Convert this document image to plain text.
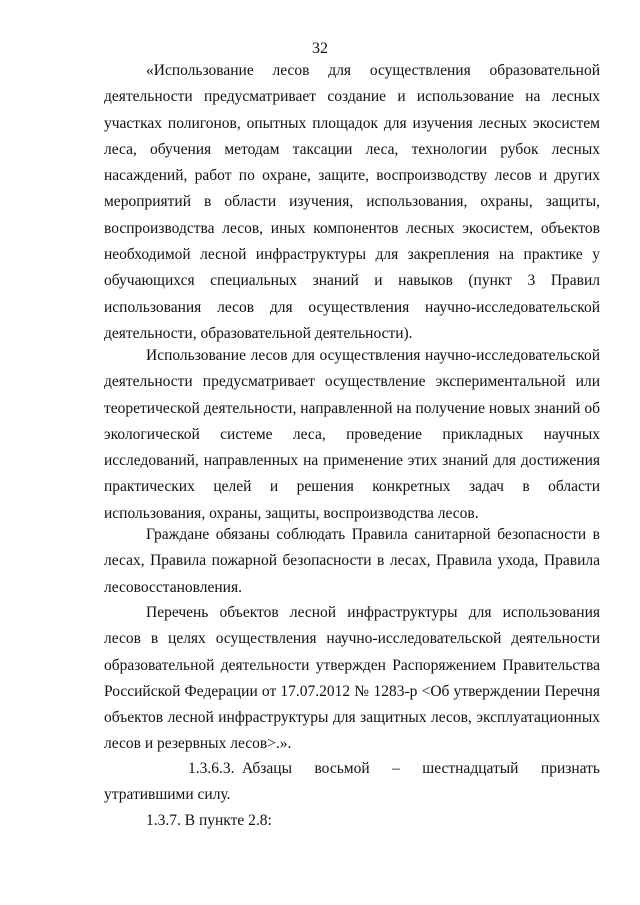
32

«Использование лесов для осуществления образовательной деятельности предусматривает создание и использование на лесных участках полигонов, опытных площадок для изучения лесных экосистем леса, обучения методам таксации леса, технологии рубок лесных насаждений, работ по охране, защите, воспроизводству лесов и других мероприятий в области изучения, использования, охраны, защиты, воспроизводства лесов, иных компонентов лесных экосистем, объектов необходимой лесной инфраструктуры для закрепления на практике у обучающихся специальных знаний и навыков (пункт 3 Правил использования лесов для осуществления научно-исследовательской деятельности, образовательной деятельности).

Использование лесов для осуществления научно-исследовательской деятельности предусматривает осуществление экспериментальной или теоретической деятельности, направленной на получение новых знаний об экологической системе леса, проведение прикладных научных исследований, направленных на применение этих знаний для достижения практических целей и решения конкретных задач в области использования, охраны, защиты, воспроизводства лесов.

Граждане обязаны соблюдать Правила санитарной безопасности в лесах, Правила пожарной безопасности в лесах, Правила ухода, Правила лесовосстановления.

Перечень объектов лесной инфраструктуры для использования лесов в целях осуществления научно-исследовательской деятельности образовательной деятельности утвержден Распоряжением Правительства Российской Федерации от 17.07.2012 № 1283-р <Об утверждении Перечня объектов лесной инфраструктуры для защитных лесов, эксплуатационных лесов и резервных лесов>.».

1.3.6.3. Абзацы восьмой – шестнадцатый признать утратившими силу.

1.3.7. В пункте 2.8:
